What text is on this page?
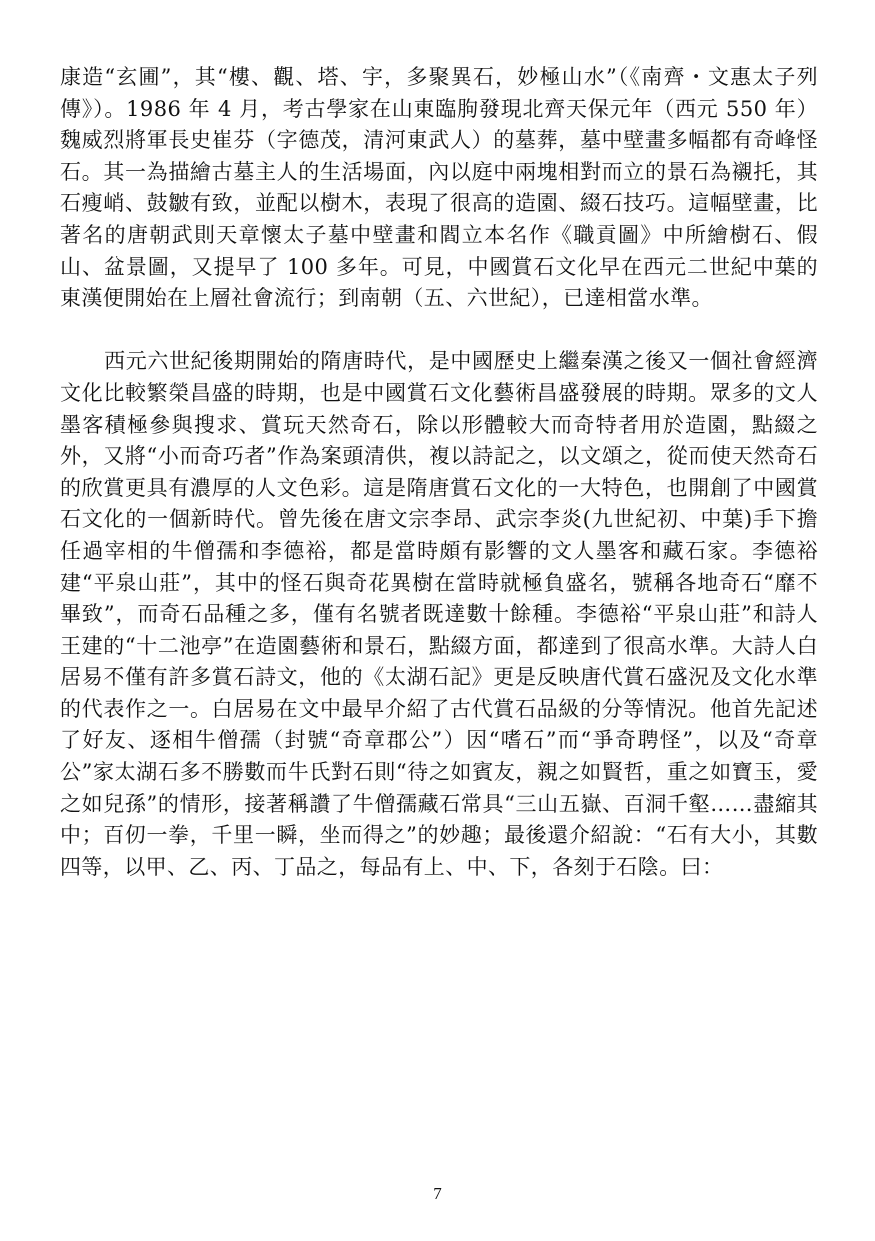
康造“玄圃”，其“樓、觀、塔、宇，多聚異石，妙極山水”（《南齊・文惠太子列傳》）。1986 年 4 月，考古學家在山東臨朐發現北齊天保元年（西元 550 年）魏威烈將軍長史崔芬（字德茂，清河東武人）的墓葬，墓中壁畫多幅都有奇峰怪石。其一為描繪古墓主人的生活場面，內以庭中兩塊相對而立的景石為襯托，其石瘦峭、鼓皺有致，並配以樹木，表現了很高的造園、綴石技巧。這幅壁畫，比著名的唐朝武則天章懷太子墓中壁畫和閻立本名作《職貢圖》中所繪樹石、假山、盆景圖，又提早了 100 多年。可見，中國賞石文化早在西元二世紀中葉的東漢便開始在上層社會流行；到南朝（五、六世紀），已達相當水準。

西元六世紀後期開始的隋唐時代，是中國歷史上繼秦漢之後又一個社會經濟文化比較繁榮昌盛的時期，也是中國賞石文化藝術昌盛發展的時期。眾多的文人墨客積極參與搜求、賞玩天然奇石，除以形體較大而奇特者用於造園，點綴之外，又將“小而奇巧者”作為案頭清供，複以詩記之，以文頌之，從而使天然奇石的欣賞更具有濃厚的人文色彩。這是隋唐賞石文化的一大特色，也開創了中國賞石文化的一個新時代。曾先後在唐文宗李昂、武宗李炎(九世紀初、中葉)手下擔任過宰相的牛僧孺和李德裕，都是當時頗有影響的文人墨客和藏石家。李德裕建“平泉山莊”，其中的怪石與奇花異樹在當時就極負盛名，號稱各地奇石“靡不畢致”，而奇石品種之多，僅有名號者既達數十餘種。李德裕“平泉山莊”和詩人王建的“十二池亭”在造園藝術和景石，點綴方面，都達到了很高水準。大詩人白居易不僅有許多賞石詩文，他的《太湖石記》更是反映唐代賞石盛況及文化水準的代表作之一。白居易在文中最早介紹了古代賞石品級的分等情況。他首先記述了好友、逐相牛僧孺（封號“奇章郡公”）因“嗜石”而“爭奇聘怪”，以及“奇章公”家太湖石多不勝數而牛氏對石則“待之如賓友，親之如賢哲，重之如寶玉，愛之如兒孫”的情形，接著稱讚了牛僧孺藏石常具“三山五嶽、百洞千壑……盡縮其中；百仞一拳，千里一瞬，坐而得之”的妙趣；最後還介紹說：“石有大小，其數四等，以甲、乙、丙、丁品之，每品有上、中、下，各刻于石陰。曰：

7
